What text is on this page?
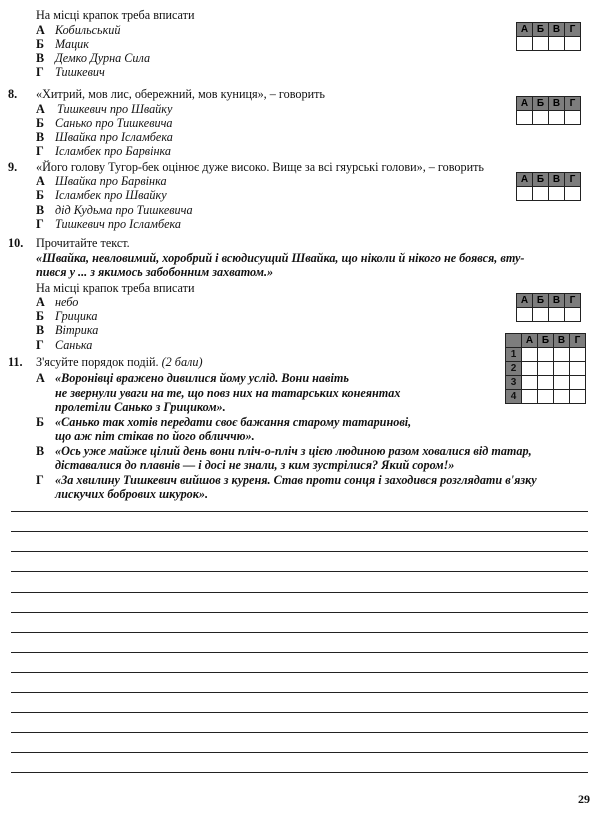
На місці крапок треба вписати
А Кобильський
Б Мацик
В Демко Дурна Сила
Г Тишкевич
А	Б	В	Г

8. «Хитрий, мов лис, обережний, мов куниця», – говорить
А Тишкевич про Швайку
Б Санько про Тишкевича
В Швайка про Ісламбека
Г Ісламбек про Барвінка
А	Б	В	Г

9. «Його голову Тугор-бек оцінює дуже високо. Вище за всі гяурські голови», – говорить
А Швайка про Барвінка
Б Ісламбек про Швайку
В дід Кудьма про Тишкевича
Г Тишкевич про Ісламбека
А	Б	В	Г

10. Прочитайте текст.
«Швайка, невловимий, хоробрий і всюдисущий Швайка, що ніколи й нікого не боявся, вту-
пився у ... з якимось забобонним захватом.»
На місці крапок треба вписати
А небо
Б Грицика
В Вітрика
Г Санька
А	Б	В	Г

11. З'ясуйте порядок подій. (2 бали)
А «Воронівці вражено дивилися йому услід. Вони навіть
не звернули уваги на те, що повз них на татарських конеянтах
пролетіли Санько з Грициком».
Б «Санько так хотів передати своє бажання старому татаринові,
що аж піт стікав по його обличчю».
В «Ось уже майже цілий день вони пліч-о-пліч з цією людиною разом ховалися від татар,
діставалися до плавнів — і досі не знали, з ким зустрілися? Який сором!»
Г «За хвилину Тишкевич вийшов з куреня. Став проти сонця і заходився розглядати в'язку
лискучих бобрових шкурок».
	А	Б	В	Г
1				
2				
3				
4				
29
